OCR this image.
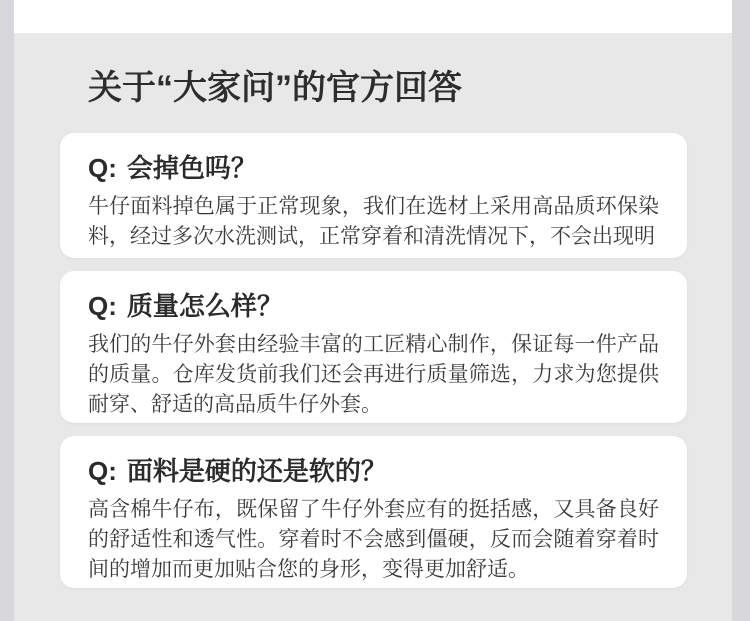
关于“大家问”的官方回答
Q: 会掉色吗？
牛仔面料掉色属于正常现象，我们在选材上采用高品质环保染料，经过多次水洗测试，正常穿着和清洗情况下，不会出现明
Q: 质量怎么样？
我们的牛仔外套由经验丰富的工匠精心制作，保证每一件产品的质量。仓库发货前我们还会再进行质量筛选，力求为您提供耐穿、舒适的高品质牛仔外套。
Q: 面料是硬的还是软的？
高含棉牛仔布，既保留了牛仔外套应有的挺括感，又具备良好的舒适性和透气性。穿着时不会感到僵硬，反而会随着穿着时间的增加而更加贴合您的身形，变得更加舒适。
